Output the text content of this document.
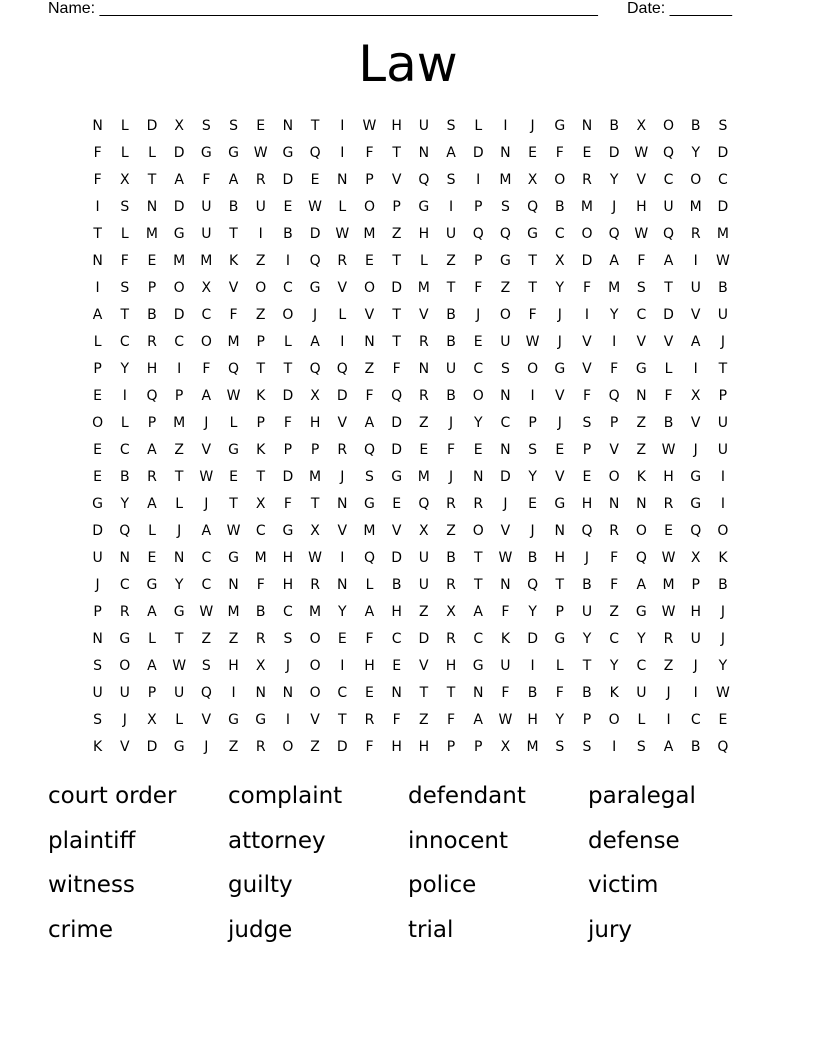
Name: ________________________________________________________ Date: _______
Law
N	L	D	X	S	S	E	N	T	I	W	H	U	S	L	I	J	G	N	B	X	O	B	S
F	L	L	D	G	G	W	G	Q	I	F	T	N	A	D	N	E	F	E	D	W	Q	Y	D
F	X	T	A	F	A	R	D	E	N	P	V	Q	S	I	M	X	O	R	Y	V	C	O	C
I	S	N	D	U	B	U	E	W	L	O	P	G	I	P	S	Q	B	M	J	H	U	M	D
T	L	M	G	U	T	I	B	D	W	M	Z	H	U	Q	Q	G	C	O	Q	W	Q	R	M
N	F	E	M	M	K	Z	I	Q	R	E	T	L	Z	P	G	T	X	D	A	F	A	I	W
I	S	P	O	X	V	O	C	G	V	O	D	M	T	F	Z	T	Y	F	M	S	T	U	B
A	T	B	D	C	F	Z	O	J	L	V	T	V	B	J	O	F	J	I	Y	C	D	V	U
L	C	R	C	O	M	P	L	A	I	N	T	R	B	E	U	W	J	V	I	V	V	A	J
P	Y	H	I	F	Q	T	T	Q	Q	Z	F	N	U	C	S	O	G	V	F	G	L	I	T
E	I	Q	P	A	W	K	D	X	D	F	Q	R	B	O	N	I	V	F	Q	N	F	X	P
O	L	P	M	J	L	P	F	H	V	A	D	Z	J	Y	C	P	J	S	P	Z	B	V	U
E	C	A	Z	V	G	K	P	P	R	Q	D	E	F	E	N	S	E	P	V	Z	W	J	U
E	B	R	T	W	E	T	D	M	J	S	G	M	J	N	D	Y	V	E	O	K	H	G	I
G	Y	A	L	J	T	X	F	T	N	G	E	Q	R	R	J	E	G	H	N	N	R	G	I
D	Q	L	J	A	W	C	G	X	V	M	V	X	Z	O	V	J	N	Q	R	O	E	Q	O
U	N	E	N	C	G	M	H	W	I	Q	D	U	B	T	W	B	H	J	F	Q	W	X	K
J	C	G	Y	C	N	F	H	R	N	L	B	U	R	T	N	Q	T	B	F	A	M	P	B
P	R	A	G	W	M	B	C	M	Y	A	H	Z	X	A	F	Y	P	U	Z	G	W	H	J
N	G	L	T	Z	Z	R	S	O	E	F	C	D	R	C	K	D	G	Y	C	Y	R	U	J
S	O	A	W	S	H	X	J	O	I	H	E	V	H	G	U	I	L	T	Y	C	Z	J	Y
U	U	P	U	Q	I	N	N	O	C	E	N	T	T	N	F	B	F	B	K	U	J	I	W
S	J	X	L	V	G	G	I	V	T	R	F	Z	F	A	W	H	Y	P	O	L	I	C	E
K	V	D	G	J	Z	R	O	Z	D	F	H	H	P	P	X	M	S	S	I	S	A	B	Q
court order	complaint	defendant	paralegal
plaintiff	attorney	innocent	defense
witness	guilty	police	victim
crime	judge	trial	jury
